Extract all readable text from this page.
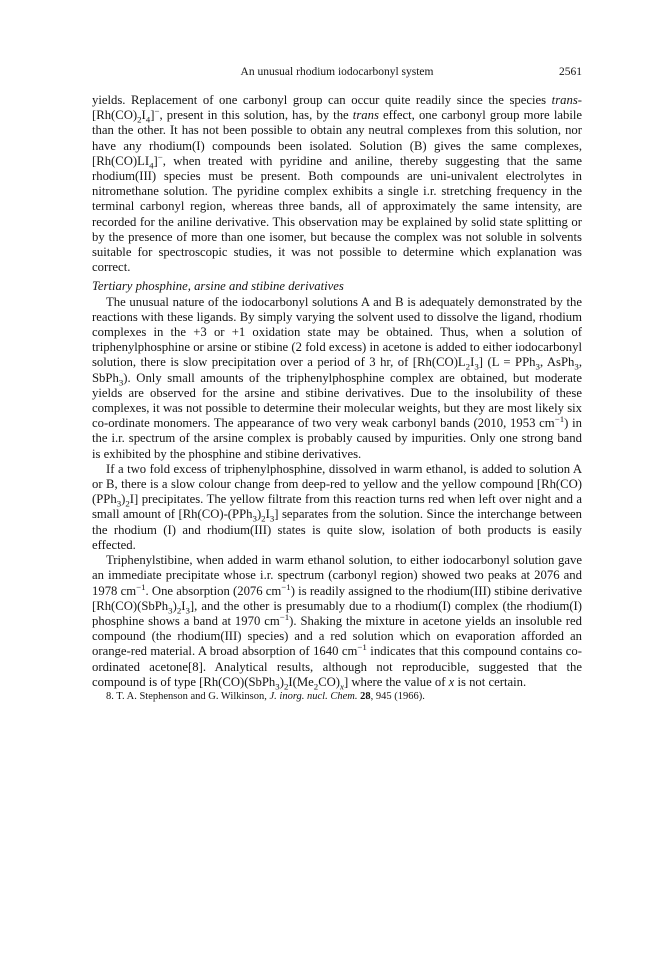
An unusual rhodium iodocarbonyl system	2561

yields. Replacement of one carbonyl group can occur quite readily since the species trans-$[Rh(CO)_2I_4]^-$, present in this solution, has, by the trans effect, one carbonyl group more labile than the other. It has not been possible to obtain any neutral complexes from this solution, nor have any rhodium(I) compounds been isolated. Solution (B) gives the same complexes, $[Rh(CO)LI_4]^-$, when treated with pyridine and aniline, thereby suggesting that the same rhodium(III) species must be present. Both compounds are uni-univalent electrolytes in nitromethane solution. The pyridine complex exhibits a single i.r. stretching frequency in the terminal carbonyl region, whereas three bands, all of approximately the same intensity, are recorded for the aniline derivative. This observation may be explained by solid state splitting or by the presence of more than one isomer, but because the complex was not soluble in solvents suitable for spectroscopic studies, it was not possible to determine which explanation was correct.

Tertiary phosphine, arsine and stibine derivatives

The unusual nature of the iodocarbonyl solutions A and B is adequately demonstrated by the reactions with these ligands. By simply varying the solvent used to dissolve the ligand, rhodium complexes in the +3 or +1 oxidation state may be obtained. Thus, when a solution of triphenylphosphine or arsine or stibine (2 fold excess) in acetone is added to either iodocarbonyl solution, there is slow precipitation over a period of 3 hr, of $[Rh(CO)L_2I_3] (L = PPh_3$, AsPh$_3$, SbPh$_3$). Only small amounts of the triphenylphosphine complex are obtained, but moderate yields are observed for the arsine and stibine derivatives. Due to the insolubility of these complexes, it was not possible to determine their molecular weights, but they are most likely six co-ordinate monomers. The appearance of two very weak carbonyl bands (2010, 1953 $cm^{-1}$) in the i.r. spectrum of the arsine complex is probably caused by impurities. Only one strong band is exhibited by the phosphine and stibine derivatives.

If a two fold excess of triphenylphosphine, dissolved in warm ethanol, is added to solution A or B, there is a slow colour change from deep-red to yellow and the yellow compound $[Rh(CO)(PPh_3)_2I]$ precipitates. The yellow filtrate from this reaction turns red when left over night and a small amount of $[Rh(CO)-(PPh_3)_2I_3]$ separates from the solution. Since the interchange between the rhodium (I) and rhodium(III) states is quite slow, isolation of both products is easily effected.

Triphenylstibine, when added in warm ethanol solution, to either iodocarbonyl solution gave an immediate precipitate whose i.r. spectrum (carbonyl region) showed two peaks at 2076 and 1978 $cm^{-1}$. One absorption (2076 $cm^{-1}$) is readily assigned to the rhodium(III) stibine derivative $[Rh(CO)(SbPh_3)_2I_3]$, and the other is presumably due to a rhodium(I) complex (the rhodium(I) phosphine shows a band at 1970 $cm^{-1}$). Shaking the mixture in acetone yields an insoluble red compound (the rhodium(III) species) and a red solution which on evaporation afforded an orange-red material. A broad absorption of 1640 $cm^{-1}$ indicates that this compound contains co-ordinated acetone[8]. Analytical results, although not reproducible, suggested that the compound is of type $[Rh(CO)(SbPh_3)_2I(Me_2CO)_x]$ where the value of x is not certain.

8. T. A. Stephenson and G. Wilkinson, J. inorg. nucl. Chem. 28, 945 (1966).
